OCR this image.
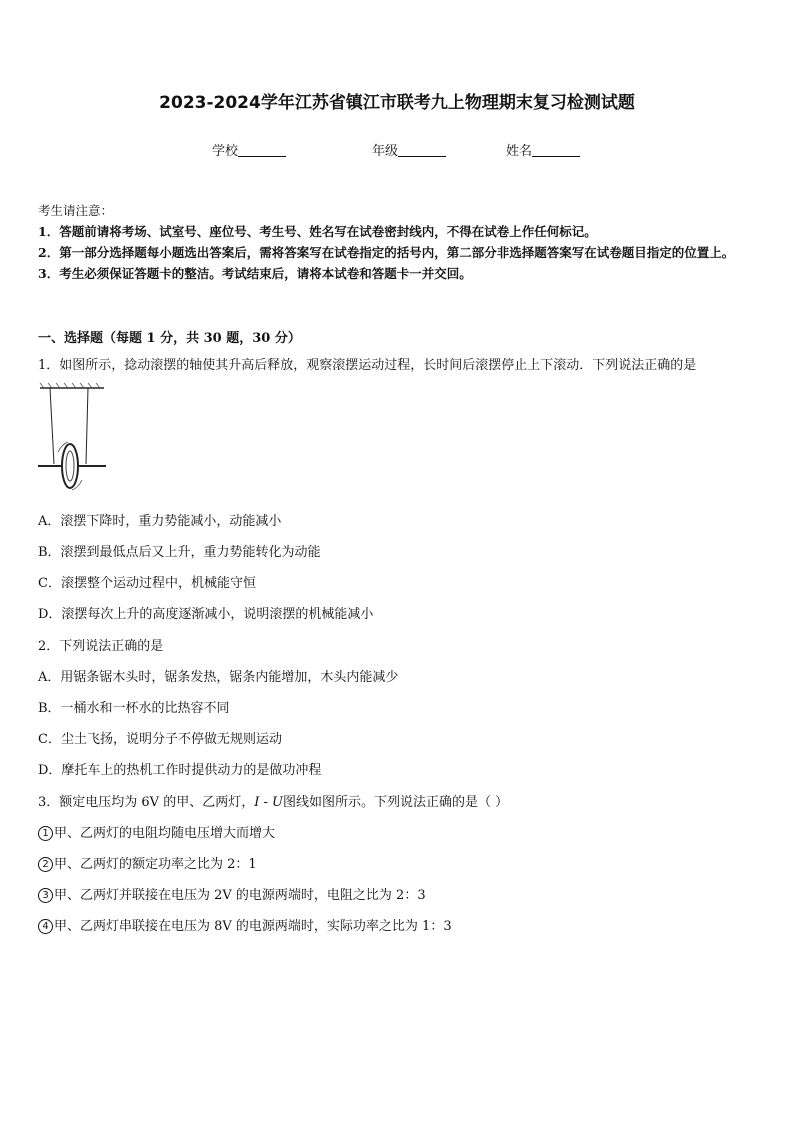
2023-2024学年江苏省镇江市联考九上物理期末复习检测试题
学校	年级	姓名
考生请注意：
1．答题前请将考场、试室号、座位号、考生号、姓名写在试卷密封线内，不得在试卷上作任何标记。
2．第一部分选择题每小题选出答案后，需将答案写在试卷指定的括号内，第二部分非选择题答案写在试卷题目指定的位置上。
3．考生必须保证答题卡的整洁。考试结束后，请将本试卷和答题卡一并交回。
一、选择题（每题 1 分，共 30 题，30 分）
1．如图所示，捻动滚摆的轴使其升高后释放，观察滚摆运动过程，长时间后滚摆停止上下滚动．下列说法正确的是
A．滚摆下降时，重力势能减小，动能减小
B．滚摆到最低点后又上升，重力势能转化为动能
C．滚摆整个运动过程中，机械能守恒
D．滚摆每次上升的高度逐渐减小，说明滚摆的机械能减小
2．下列说法正确的是
A．用锯条锯木头时，锯条发热，锯条内能增加，木头内能减少
B．一桶水和一杯水的比热容不同
C．尘土飞扬，说明分子不停做无规则运动
D．摩托车上的热机工作时提供动力的是做功冲程
3．额定电压均为 6V 的甲、乙两灯，I - U图线如图所示。下列说法正确的是（ ）
1 甲、乙两灯的电阻均随电压增大而增大
2 甲、乙两灯的额定功率之比为 2：1
3 甲、乙两灯并联接在电压为 2V 的电源两端时，电阻之比为 2：3
4 甲、乙两灯串联接在电压为 8V 的电源两端时，实际功率之比为 1：3
